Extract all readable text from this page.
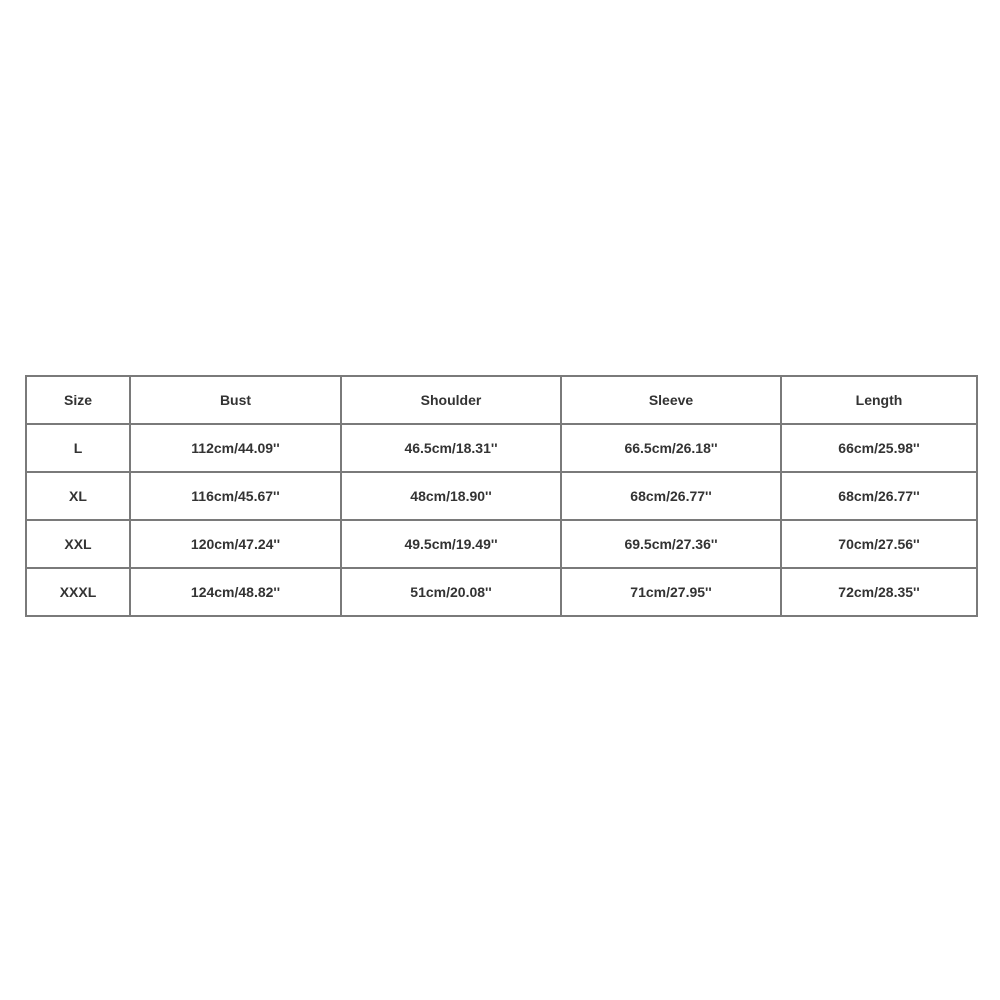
Size	Bust	Shoulder	Sleeve	Length
L	112cm/44.09''	46.5cm/18.31''	66.5cm/26.18''	66cm/25.98''
XL	116cm/45.67''	48cm/18.90''	68cm/26.77''	68cm/26.77''
XXL	120cm/47.24''	49.5cm/19.49''	69.5cm/27.36''	70cm/27.56''
XXXL	124cm/48.82''	51cm/20.08''	71cm/27.95''	72cm/28.35''
